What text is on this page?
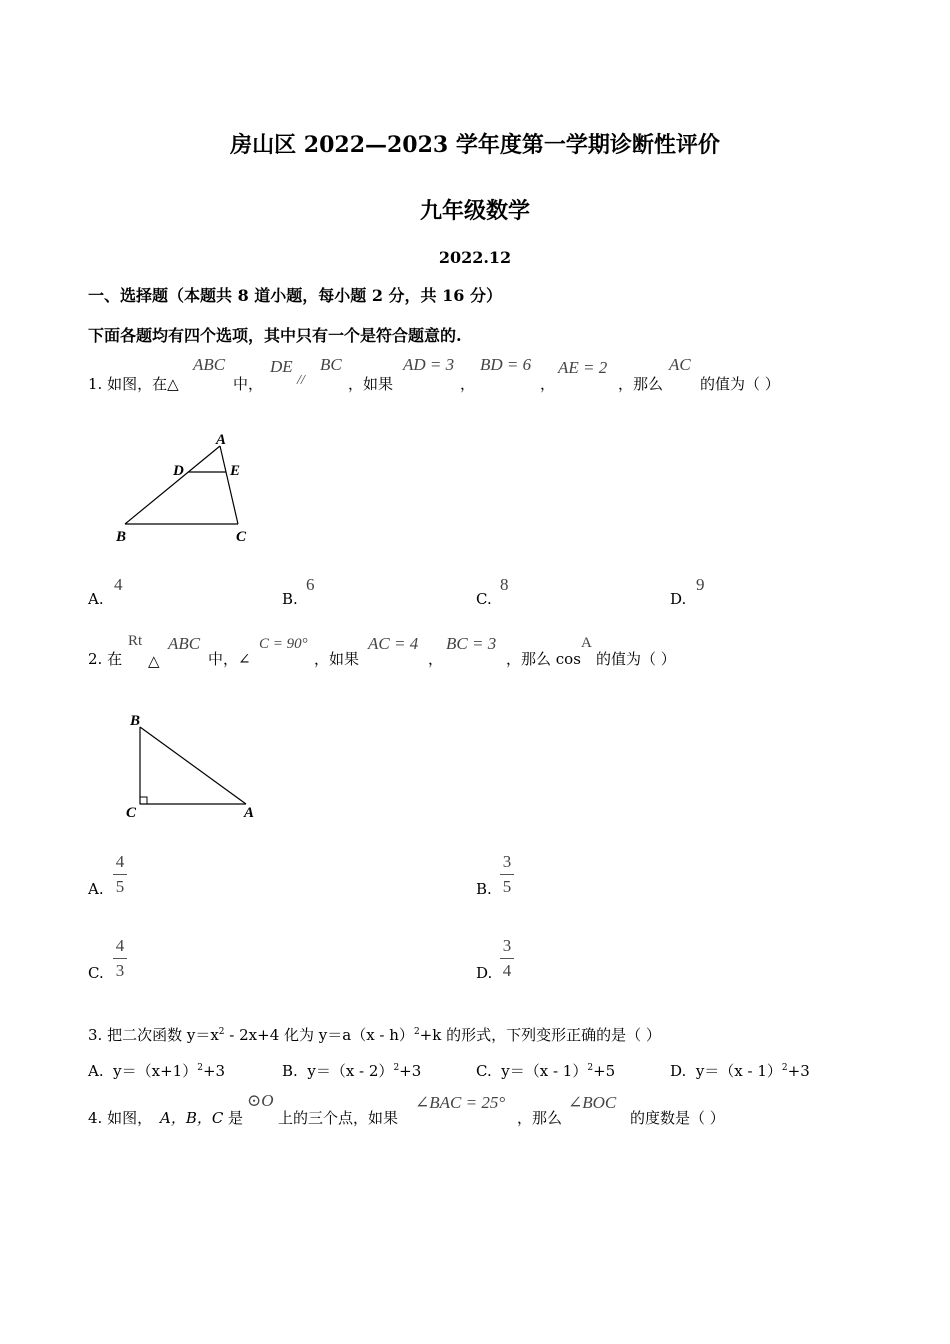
房山区 2022—2023 学年度第一学期诊断性评价
九年级数学
2022.12
一、选择题（本题共 8 道小题，每小题 2 分，共 16 分）
下面各题均有四个选项，其中只有一个是符合题意的.
1. 如图，在△
ABC
中，
DE
//
BC
，如果
AD = 3
，
BD = 6
，
AE = 2
，那么
AC
的值为（ ）
A
D	E
B	C
A.
4
B.
6
C.
8
D.
9
2. 在
Rt
△
ABC
中，∠
C = 90°
，如果
AC = 4
，
BC = 3
，那么 cos
A
的值为（ ）
B
C	A
A.
4
5	B.
3
5
C.
4
3	D.
3
4
3. 把二次函数 $y=x^2 - 2x+4$ 化为 y＝a（x - h）$^2$+k 的形式，下列变形正确的是（ ）
A. $y=(x+1)^2+3$	B. y＝（x - 2）$^2$+3	C. y＝（x - 1）$^2$+5	D. y＝（x - 1）$^2$+3
4. 如图， A，B，C 是
⊙O
上的三个点，如果
∠BAC = 25°
，那么
∠BOC
的度数是（ ）
